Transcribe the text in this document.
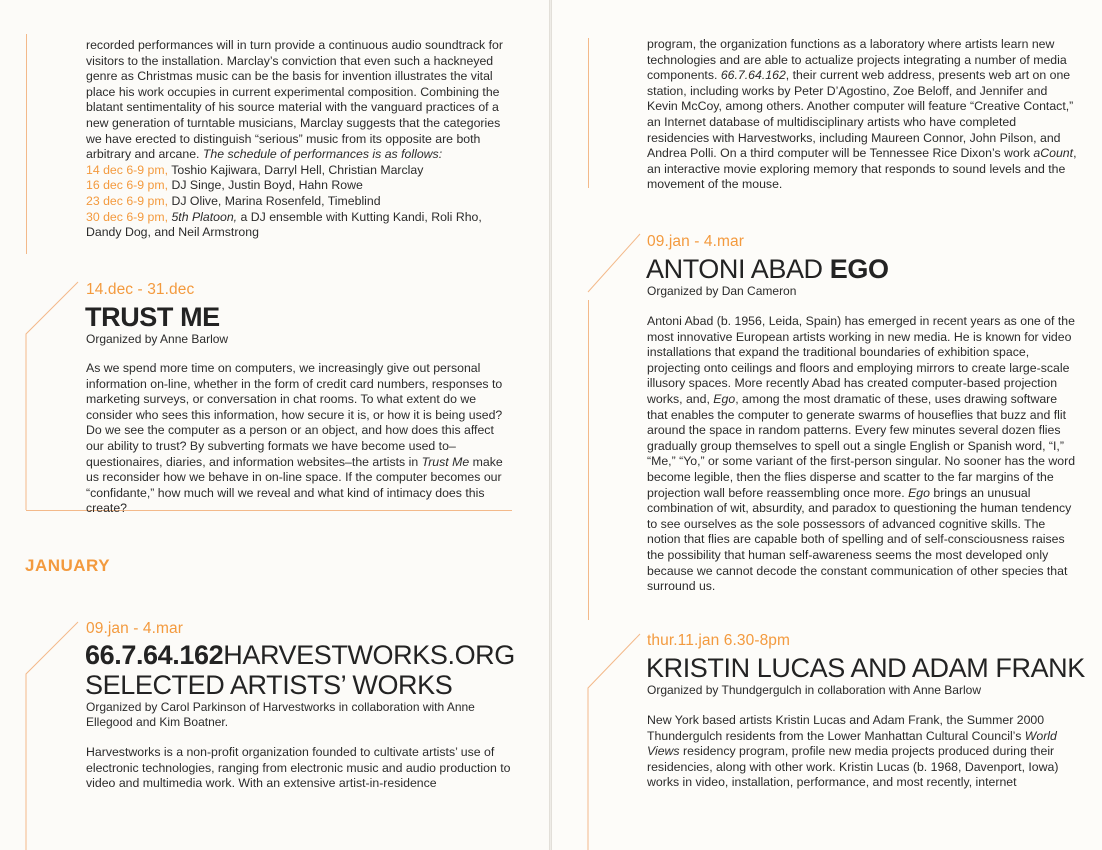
recorded performances will in turn provide a continuous audio soundtrack for visitors to the installation. Marclay’s conviction that even such a hackneyed genre as Christmas music can be the basis for invention illustrates the vital place his work occupies in current experimental composition. Combining the blatant sentimentality of his source material with the vanguard practices of a new generation of turntable musicians, Marclay suggests that the categories we have erected to distinguish “serious” music from its opposite are both arbitrary and arcane. The schedule of performances is as follows:

14 dec 6-9 pm, Toshio Kajiwara, Darryl Hell, Christian Marclay
16 dec 6-9 pm, DJ Singe, Justin Boyd, Hahn Rowe
23 dec 6-9 pm, DJ Olive, Marina Rosenfeld, Timeblind
30 dec 6-9 pm, 5th Platoon, a DJ ensemble with Kutting Kandi, Roli Rho,
Dandy Dog, and Neil Armstrong
14.dec - 31.dec
TRUST ME
Organized by Anne Barlow

As we spend more time on computers, we increasingly give out personal information on-line, whether in the form of credit card numbers, responses to marketing surveys, or conversation in chat rooms. To what extent do we consider who sees this information, how secure it is, or how it is being used? Do we see the computer as a person or an object, and how does this affect our ability to trust? By subverting formats we have become used to–questionaires, diaries, and information websites–the artists in Trust Me make us reconsider how we behave in on-line space. If the computer becomes our “confidante,” how much will we reveal and what kind of intimacy does this create?

JANUARY
09.jan - 4.mar
66.7.64.162HARVESTWORKS.ORG
SELECTED ARTISTS’ WORKS
Organized by Carol Parkinson of Harvestworks in collaboration with Anne Ellegood and Kim Boatner.
Harvestworks is a non-profit organization founded to cultivate artists’ use of electronic technologies, ranging from electronic music and audio production to video and multimedia work. With an extensive artist-in-residence

program, the organization functions as a laboratory where artists learn new technologies and are able to actualize projects integrating a number of media components. 66.7.64.162, their current web address, presents web art on one station, including works by Peter D’Agostino, Zoe Beloff, and Jennifer and Kevin McCoy, among others. Another computer will feature “Creative Contact,” an Internet database of multidisciplinary artists who have completed residencies with Harvestworks, including Maureen Connor, John Pilson, and Andrea Polli. On a third computer will be Tennessee Rice Dixon’s work aCount, an interactive movie exploring memory that responds to sound levels and the movement of the mouse.

09.jan - 4.mar
ANTONI ABAD EGO
Organized by Dan Cameron

Antoni Abad (b. 1956, Leida, Spain) has emerged in recent years as one of the most innovative European artists working in new media. He is known for video installations that expand the traditional boundaries of exhibition space, projecting onto ceilings and floors and employing mirrors to create large-scale illusory spaces. More recently Abad has created computer-based projection works, and, Ego, among the most dramatic of these, uses drawing software that enables the computer to generate swarms of houseflies that buzz and flit around the space in random patterns. Every few minutes several dozen flies gradually group themselves to spell out a single English or Spanish word, “I,” “Me,” “Yo,” or some variant of the first-person singular. No sooner has the word become legible, then the flies disperse and scatter to the far margins of the projection wall before reassembling once more. Ego brings an unusual combination of wit, absurdity, and paradox to questioning the human tendency to see ourselves as the sole possessors of advanced cognitive skills. The notion that flies are capable both of spelling and of self-consciousness raises the possibility that human self-awareness seems the most developed only because we cannot decode the constant communication of other species that surround us.

thur.11.jan 6.30-8pm
KRISTIN LUCAS AND ADAM FRANK
Organized by Thundgergulch in collaboration with Anne Barlow

New York based artists Kristin Lucas and Adam Frank, the Summer 2000 Thundergulch residents from the Lower Manhattan Cultural Council’s World Views residency program, profile new media projects produced during their residencies, along with other work. Kristin Lucas (b. 1968, Davenport, Iowa) works in video, installation, performance, and most recently, internet
